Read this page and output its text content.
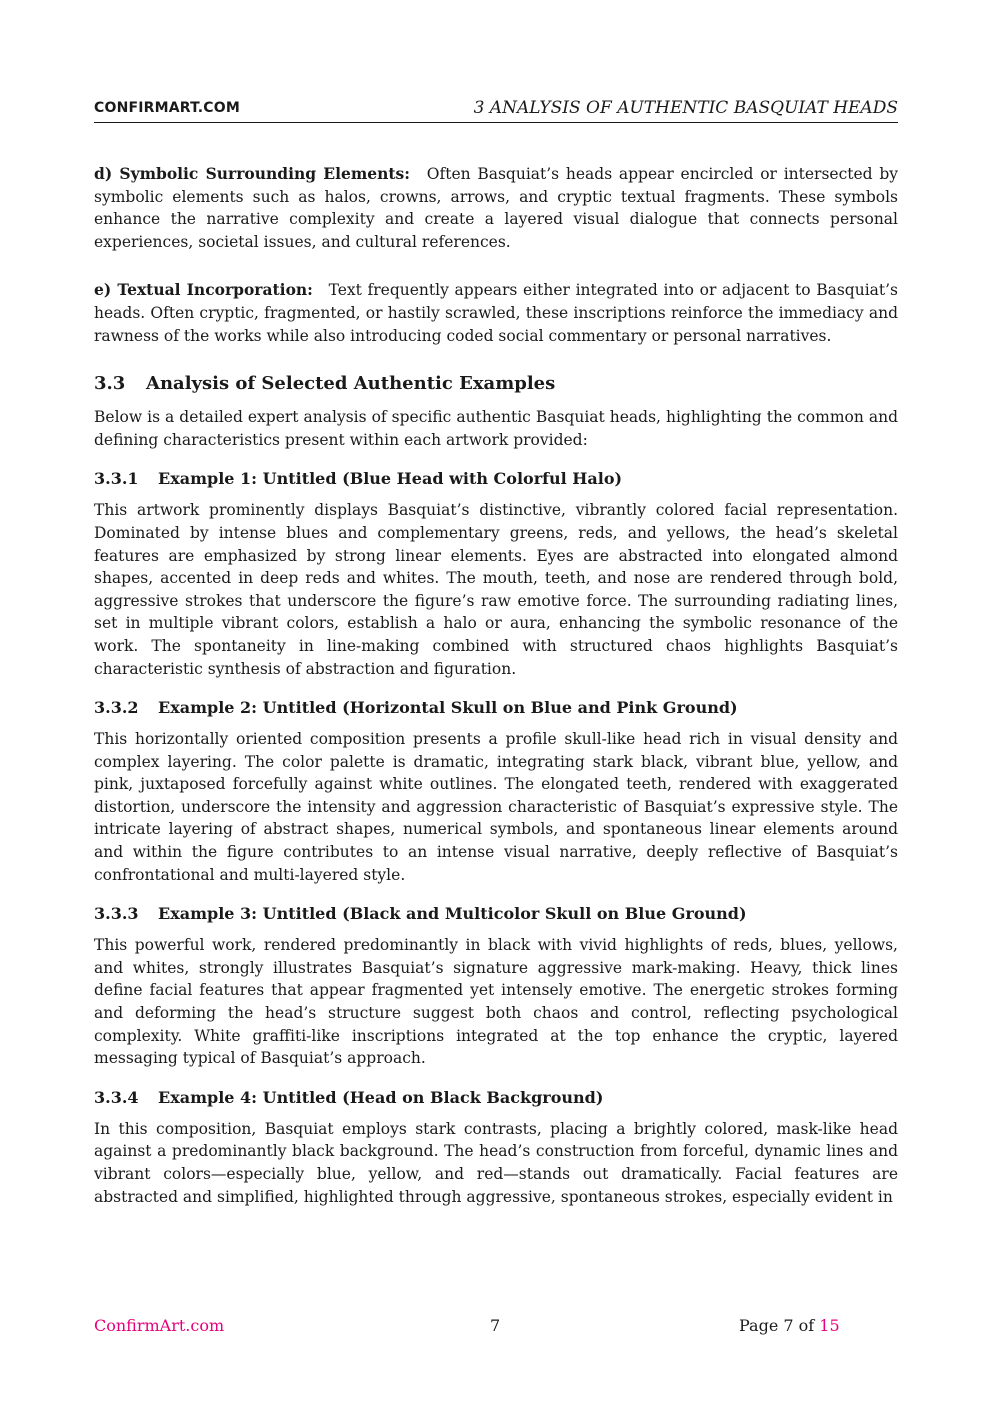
CONFIRMART.COM	3 ANALYSIS OF AUTHENTIC BASQUIAT HEADS

d) Symbolic Surrounding Elements: Often Basquiat’s heads appear encircled or intersected by symbolic elements such as halos, crowns, arrows, and cryptic textual fragments. These symbols enhance the narrative complexity and create a layered visual dialogue that connects personal experiences, societal issues, and cultural references.

e) Textual Incorporation: Text frequently appears either integrated into or adjacent to Basquiat’s heads. Often cryptic, fragmented, or hastily scrawled, these inscriptions reinforce the immediacy and rawness of the works while also introducing coded social commentary or personal narratives.

3.3 Analysis of Selected Authentic Examples

Below is a detailed expert analysis of specific authentic Basquiat heads, highlighting the common and defining characteristics present within each artwork provided:

3.3.1 Example 1: Untitled (Blue Head with Colorful Halo)

This artwork prominently displays Basquiat’s distinctive, vibrantly colored facial representation. Dominated by intense blues and complementary greens, reds, and yellows, the head’s skeletal features are emphasized by strong linear elements. Eyes are abstracted into elongated almond shapes, accented in deep reds and whites. The mouth, teeth, and nose are rendered through bold, aggressive strokes that underscore the figure’s raw emotive force. The surrounding radiating lines, set in multiple vibrant colors, establish a halo or aura, enhancing the symbolic resonance of the work. The spontaneity in line-making combined with structured chaos highlights Basquiat’s characteristic synthesis of abstraction and figuration.

3.3.2 Example 2: Untitled (Horizontal Skull on Blue and Pink Ground)

This horizontally oriented composition presents a profile skull-like head rich in visual density and complex layering. The color palette is dramatic, integrating stark black, vibrant blue, yellow, and pink, juxtaposed forcefully against white outlines. The elongated teeth, rendered with exaggerated distortion, underscore the intensity and aggression characteristic of Basquiat’s expressive style. The intricate layering of abstract shapes, numerical symbols, and spontaneous linear elements around and within the figure contributes to an intense visual narrative, deeply reflective of Basquiat’s confrontational and multi-layered style.

3.3.3 Example 3: Untitled (Black and Multicolor Skull on Blue Ground)

This powerful work, rendered predominantly in black with vivid highlights of reds, blues, yellows, and whites, strongly illustrates Basquiat’s signature aggressive mark-making. Heavy, thick lines define facial features that appear fragmented yet intensely emotive. The energetic strokes forming and deforming the head’s structure suggest both chaos and control, reflecting psychological complexity. White graffiti-like inscriptions integrated at the top enhance the cryptic, layered messaging typical of Basquiat’s approach.

3.3.4 Example 4: Untitled (Head on Black Background)

In this composition, Basquiat employs stark contrasts, placing a brightly colored, mask-like head against a predominantly black background. The head’s construction from forceful, dynamic lines and vibrant colors—especially blue, yellow, and red—stands out dramatically. Facial features are abstracted and simplified, highlighted through aggressive, spontaneous strokes, especially evident in

ConfirmArt.com	7	Page 7 of 15
